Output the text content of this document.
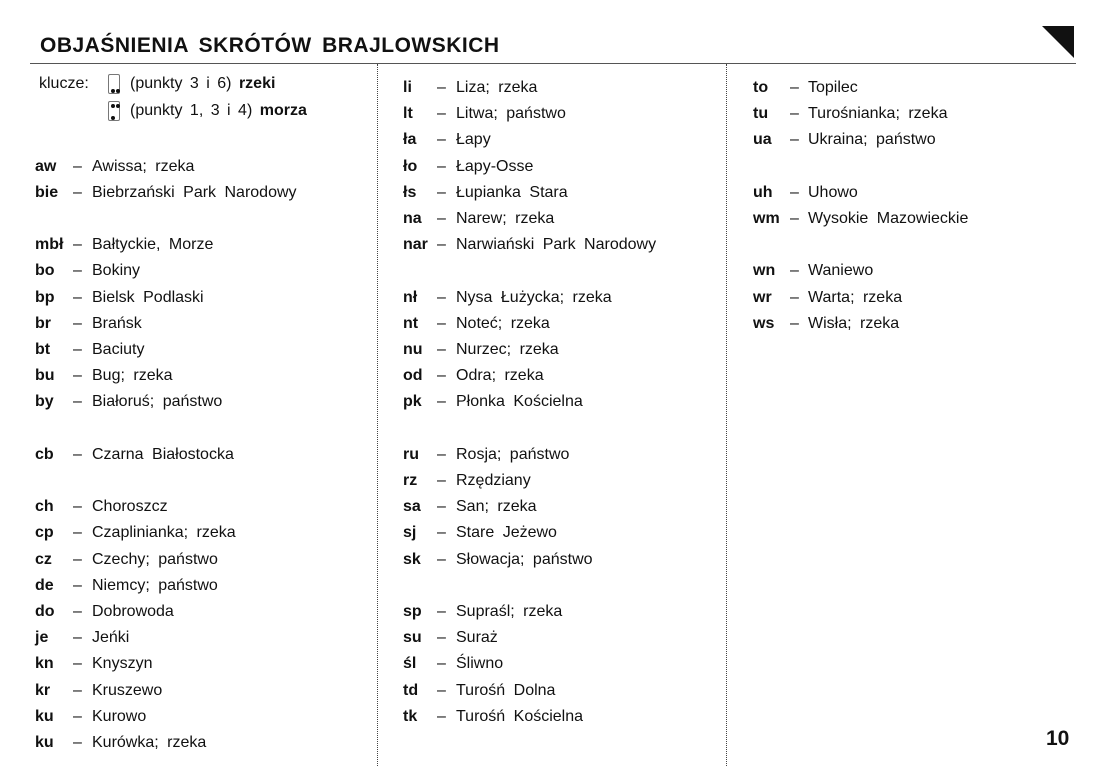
OBJAŚNIENIA SKRÓTÓW BRAJLOWSKICH
klucze:	(punkty 3 i 6) rzeki
(punkty 1, 3 i 4) morza
aw – Awissa; rzeka
bie – Biebrzański Park Narodowy
mbł – Bałtyckie, Morze
bo – Bokiny
bp – Bielsk Podlaski
br – Brańsk
bt – Baciuty
bu – Bug; rzeka
by – Białoruś; państwo
cb – Czarna Białostocka
ch – Choroszcz
cp – Czaplinianka; rzeka
cz – Czechy; państwo
de – Niemcy; państwo
do – Dobrowoda
je – Jeńki
kn – Knyszyn
kr – Kruszewo
ku – Kurowo
ku – Kurówka; rzeka
li – Liza; rzeka
lt – Litwa; państwo
ła – Łapy
ło – Łapy-Osse
łs – Łupianka Stara
na – Narew; rzeka
nar – Narwiański Park Narodowy
nł – Nysa Łużycka; rzeka
nt – Noteć; rzeka
nu – Nurzec; rzeka
od – Odra; rzeka
pk – Płonka Kościelna
ru – Rosja; państwo
rz – Rzędziany
sa – San; rzeka
sj – Stare Jeżewo
sk – Słowacja; państwo
sp – Supraśl; rzeka
su – Suraż
śl – Śliwno
td – Turośń Dolna
tk – Turośń Kościelna
to – Topilec
tu – Turośnianka; rzeka
ua – Ukraina; państwo
uh – Uhowo
wm – Wysokie Mazowieckie
wn – Waniewo
wr – Warta; rzeka
ws – Wisła; rzeka
10
